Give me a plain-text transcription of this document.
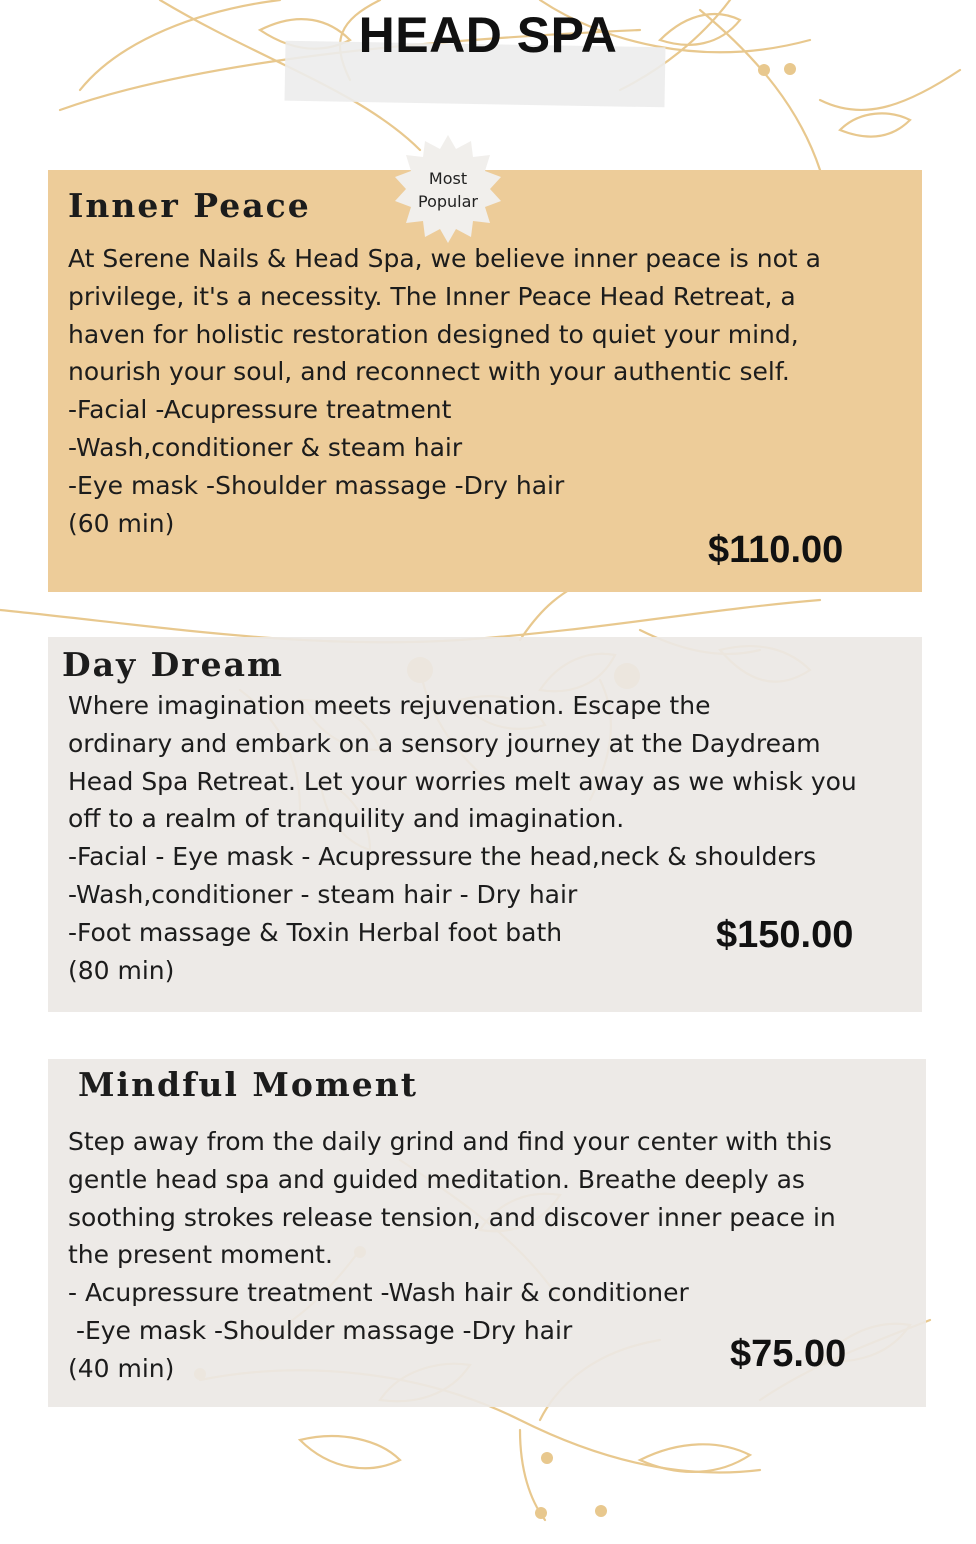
HEAD SPA
Inner Peace
At Serene Nails & Head Spa, we believe inner peace is not a
privilege, it's a necessity. The Inner Peace Head Retreat, a
haven for holistic restoration designed to quiet your mind,
nourish your soul, and reconnect with your authentic self.
-Facial -Acupressure treatment
-Wash,conditioner & steam hair
-Eye mask -Shoulder massage -Dry hair
(60 min)
$110.00
Most
Popular
Day Dream
Where imagination meets rejuvenation. Escape the
ordinary and embark on a sensory journey at the Daydream
Head Spa Retreat. Let your worries melt away as we whisk you
off to a realm of tranquility and imagination.
-Facial - Eye mask - Acupressure the head,neck & shoulders
-Wash,conditioner - steam hair - Dry hair
-Foot massage & Toxin Herbal foot bath
(80 min)
$150.00
Mindful Moment
Step away from the daily grind and find your center with this
gentle head spa and guided meditation. Breathe deeply as
soothing strokes release tension, and discover inner peace in
the present moment.
- Acupressure treatment -Wash hair & conditioner
-Eye mask -Shoulder massage -Dry hair
(40 min)	$75.00
